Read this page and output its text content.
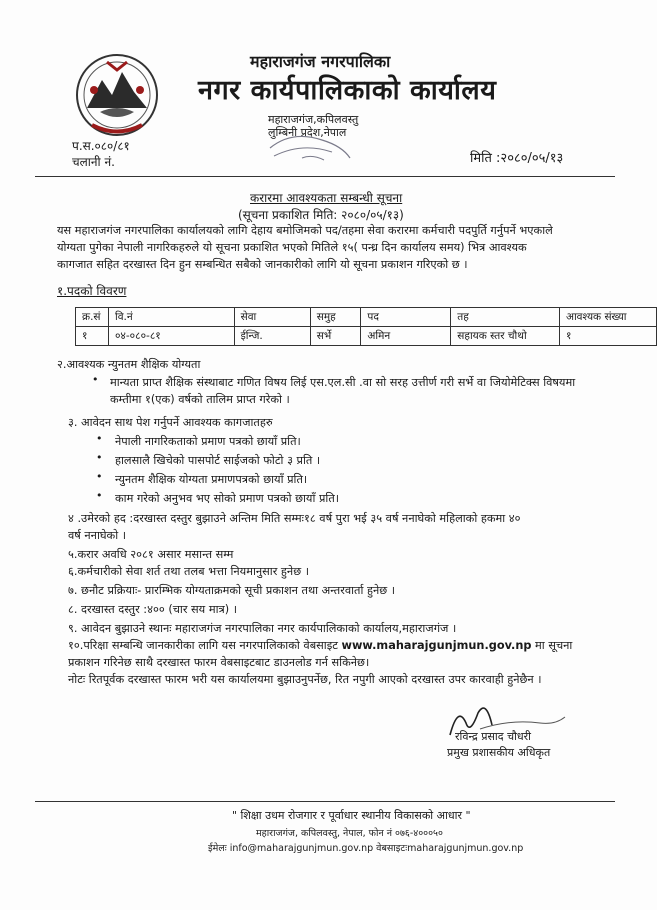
महाराजगंज नगरपालिका
नगर कार्यपालिकाको कार्यालय
महाराजगंज,कपिलवस्तु
लुम्बिनी प्रदेश,नेपाल
प.स.०८०/८१
चलानी नं.	मिति :२०८०/०५/१३
करारमा आवश्यकता सम्बन्धी सूचना
(सूचना प्रकाशित मिति: २०८०/०५/१३)
यस महाराजगंज नगरपालिका कार्यालयको लागि देहाय बमोजिमको पद/तहमा सेवा करारमा कर्मचारी पदपुर्ति गर्नुपर्ने भएकाले
योग्यता पुगेका नेपाली नागरिकहरुले यो सूचना प्रकाशित भएको मितिले १५( पन्ध्र दिन कार्यालय समय) भित्र आवश्यक
कागजात सहित दरखास्त दिन हुन सम्बन्धित सबैको जानकारीको लागि यो सूचना प्रकाशन गरिएको छ ।
१.पदको विवरण
क्र.सं	वि.नं	सेवा	समुह	पद	तह	आवश्यक संख्या
१	०४-०८०-८१	ईन्जि.	सर्भे	अमिन	सहायक स्तर चौथो	१
२.आवश्यक न्युनतम शैक्षिक योग्यता
• मान्यता प्राप्त शैक्षिक संस्थाबाट गणित विषय लिई एस.एल.सी .वा सो सरह उत्तीर्ण गरी सर्भे वा जियोमेटिक्स विषयमा
कम्तीमा १(एक) वर्षको तालिम प्राप्त गरेको ।
३. आवेदन साथ पेश गर्नुपर्ने आवश्यक कागजातहरु
• नेपाली नागरिकताको प्रमाण पत्रको छायाँ प्रति।
• हालसालै खिचेको पासपोर्ट साईजको फोटो ३ प्रति ।
• न्युनतम शैक्षिक योग्यता प्रमाणपत्रको छायाँ प्रति।
• काम गरेको अनुभव भए सोको प्रमाण पत्रको छायाँ प्रति।
४ .उमेरको हद :दरखास्त दस्तुर बुझाउने अन्तिम मिति सम्मः१८ वर्ष पुरा भई ३५ वर्ष ननाघेको महिलाको हकमा ४०
वर्ष ननाघेको ।
५.करार अवधि २०८१ असार मसान्त सम्म
६.कर्मचारीको सेवा शर्त तथा तलब भत्ता नियमानुसार हुनेछ ।
७. छनौट प्रक्रियाः- प्रारम्भिक योग्यताक्रमको सूची प्रकाशन तथा अन्तरवार्ता हुनेछ ।
८. दरखास्त दस्तुर :४०० (चार सय मात्र) ।
९. आवेदन बुझाउने स्थानः महाराजगंज नगरपालिका नगर कार्यपालिकाको कार्यालय,महाराजगंज ।
१०.परिक्षा सम्बन्धि जानकारीका लागि यस नगरपालिकाको वेबसाइट www.maharajgunjmun.gov.np मा सूचना
प्रकाशन गरिनेछ साथै दरखास्त फारम वेबसाइटबाट डाउनलोड गर्न सकिनेछ।
नोटः रितपूर्वक दरखास्त फारम भरी यस कार्यालयमा बुझाउनुपर्नेछ, रित नपुगी आएको दरखास्त उपर कारवाही हुनेछैन ।
रविन्द्र प्रसाद चौधरी
प्रमुख प्रशासकीय अधिकृत
" शिक्षा उधम रोजगार र पूर्वाधार स्थानीय विकासको आधार "
महाराजगंज, कपिलवस्तु, नेपाल, फोन नं ०७६-४०००५०
ईमेलः info@maharajgunjmun.gov.np वेबसाइटःmaharajgunjmun.gov.np
